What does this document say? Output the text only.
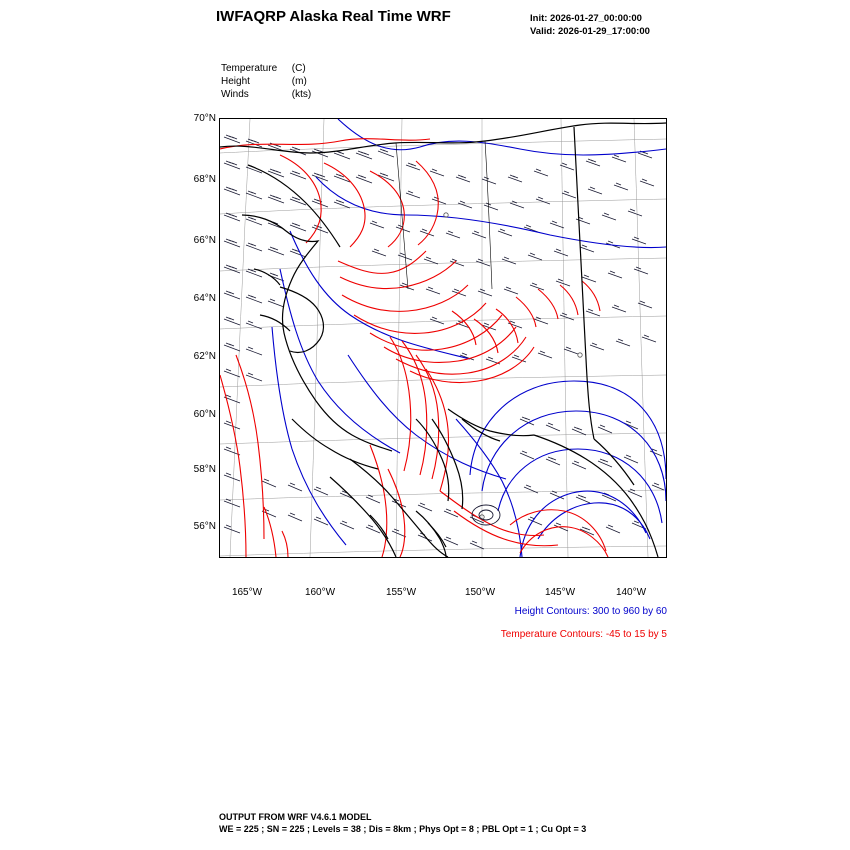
IWFAQRP Alaska Real Time WRF	Init: 2026-01-27_00:00:00
Valid: 2026-01-29_17:00:00
Temperature (C)
Height	(m)
Winds	(kts)
70°N
68°N
66°N
64°N
62°N
60°N
58°N
56°N
165°W	160°W	155°W	150°W	145°W	140°W
Height Contours: 300 to 960 by 60
Temperature Contours: -45 to 15 by 5
OUTPUT FROM WRF V4.6.1 MODEL
WE = 225 ; SN = 225 ; Levels = 38 ; Dis = 8km ; Phys Opt = 8 ; PBL Opt = 1 ; Cu Opt = 3
